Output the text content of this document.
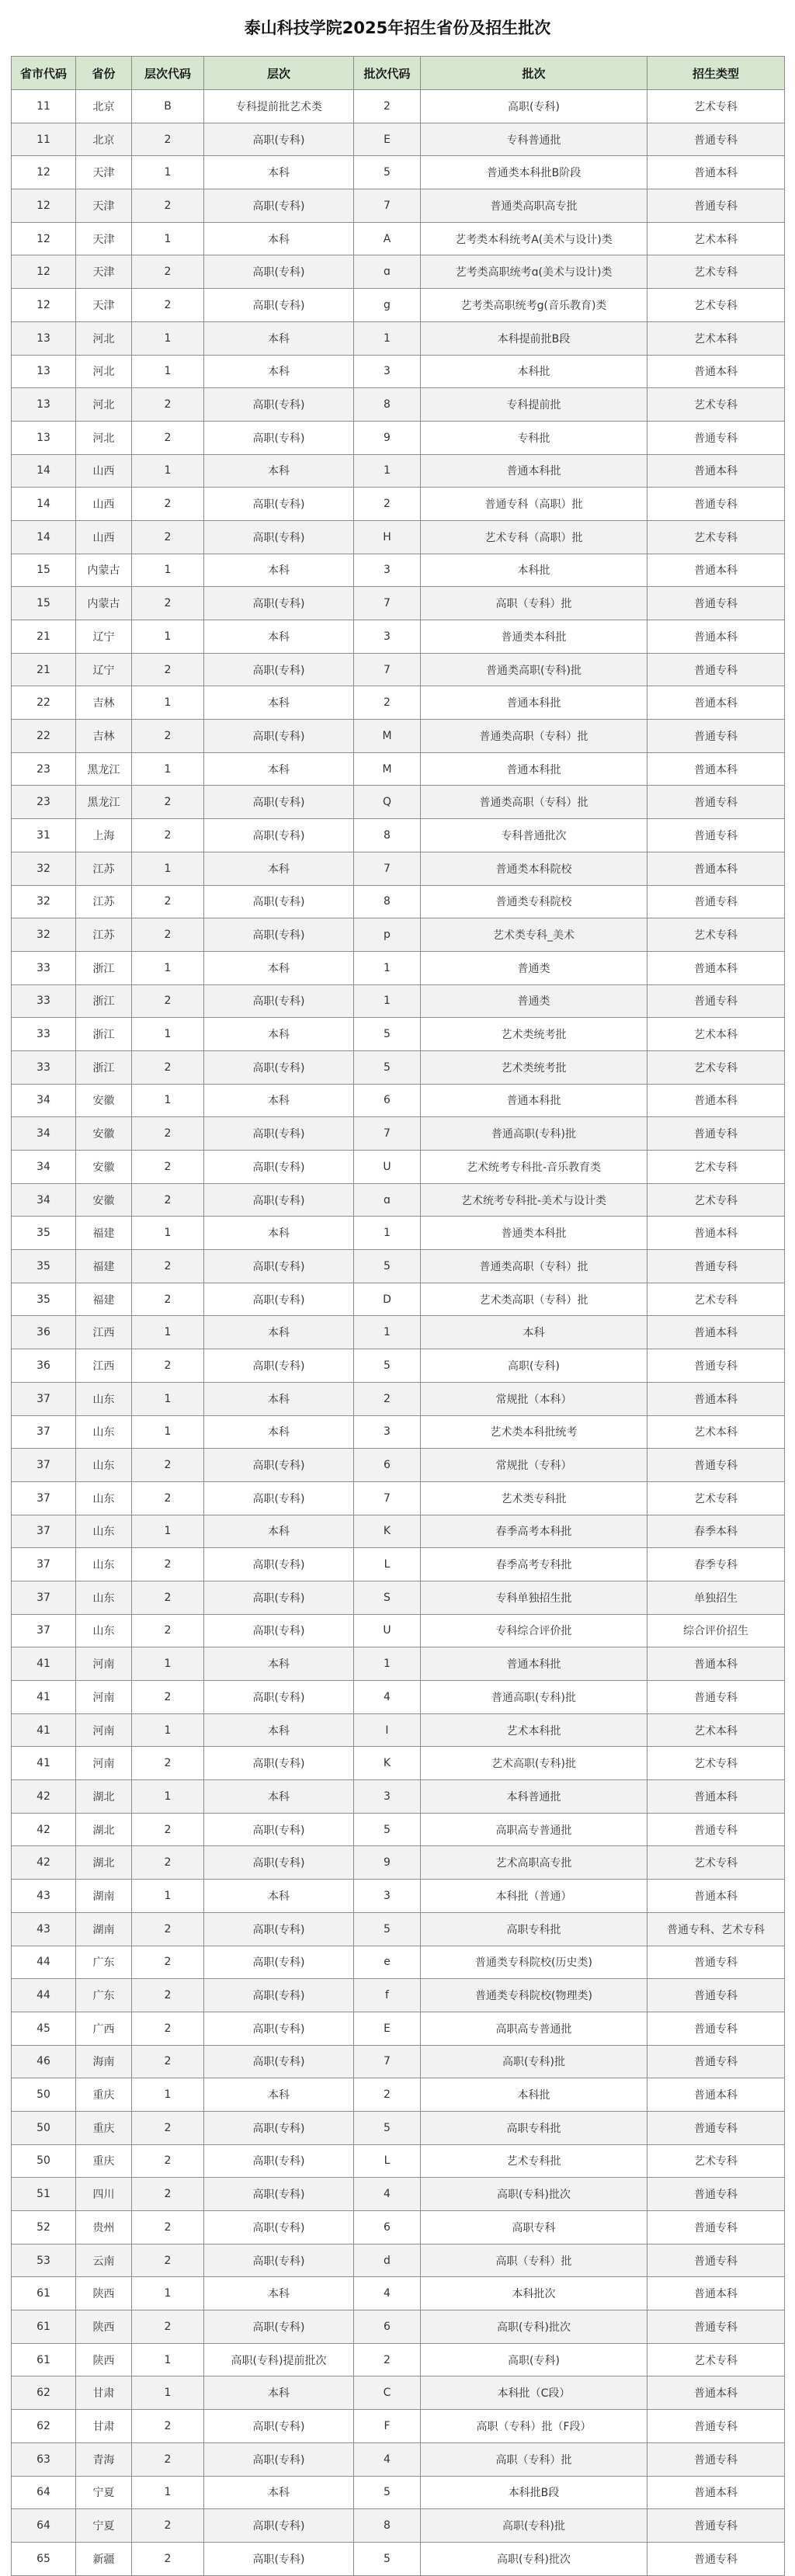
泰山科技学院2025年招生省份及招生批次
省市代码	省份	层次代码	层次	批次代码	批次	招生类型
11	北京	B	专科提前批艺术类	2	高职(专科)	艺术专科
11	北京	2	高职(专科)	E	专科普通批	普通专科
12	天津	1	本科	5	普通类本科批B阶段	普通本科
12	天津	2	高职(专科)	7	普通类高职高专批	普通专科
12	天津	1	本科	A	艺考类本科统考A(美术与设计)类	艺术本科
12	天津	2	高职(专科)	ɑ	艺考类高职统考ɑ(美术与设计)类	艺术专科
12	天津	2	高职(专科)	g	艺考类高职统考g(音乐教育)类	艺术专科
13	河北	1	本科	1	本科提前批B段	艺术本科
13	河北	1	本科	3	本科批	普通本科
13	河北	2	高职(专科)	8	专科提前批	艺术专科
13	河北	2	高职(专科)	9	专科批	普通专科
14	山西	1	本科	1	普通本科批	普通本科
14	山西	2	高职(专科)	2	普通专科（高职）批	普通专科
14	山西	2	高职(专科)	H	艺术专科（高职）批	艺术专科
15	内蒙古	1	本科	3	本科批	普通本科
15	内蒙古	2	高职(专科)	7	高职（专科）批	普通专科
21	辽宁	1	本科	3	普通类本科批	普通本科
21	辽宁	2	高职(专科)	7	普通类高职(专科)批	普通专科
22	吉林	1	本科	2	普通本科批	普通本科
22	吉林	2	高职(专科)	M	普通类高职（专科）批	普通专科
23	黑龙江	1	本科	M	普通本科批	普通本科
23	黑龙江	2	高职(专科)	Q	普通类高职（专科）批	普通专科
31	上海	2	高职(专科)	8	专科普通批次	普通专科
32	江苏	1	本科	7	普通类本科院校	普通本科
32	江苏	2	高职(专科)	8	普通类专科院校	普通专科
32	江苏	2	高职(专科)	p	艺术类专科_美术	艺术专科
33	浙江	1	本科	1	普通类	普通本科
33	浙江	2	高职(专科)	1	普通类	普通专科
33	浙江	1	本科	5	艺术类统考批	艺术本科
33	浙江	2	高职(专科)	5	艺术类统考批	艺术专科
34	安徽	1	本科	6	普通本科批	普通本科
34	安徽	2	高职(专科)	7	普通高职(专科)批	普通专科
34	安徽	2	高职(专科)	U	艺术统考专科批-音乐教育类	艺术专科
34	安徽	2	高职(专科)	ɑ	艺术统考专科批-美术与设计类	艺术专科
35	福建	1	本科	1	普通类本科批	普通本科
35	福建	2	高职(专科)	5	普通类高职（专科）批	普通专科
35	福建	2	高职(专科)	D	艺术类高职（专科）批	艺术专科
36	江西	1	本科	1	本科	普通本科
36	江西	2	高职(专科)	5	高职(专科)	普通专科
37	山东	1	本科	2	常规批（本科）	普通本科
37	山东	1	本科	3	艺术类本科批统考	艺术本科
37	山东	2	高职(专科)	6	常规批（专科）	普通专科
37	山东	2	高职(专科)	7	艺术类专科批	艺术专科
37	山东	1	本科	K	春季高考本科批	春季本科
37	山东	2	高职(专科)	L	春季高考专科批	春季专科
37	山东	2	高职(专科)	S	专科单独招生批	单独招生
37	山东	2	高职(专科)	U	专科综合评价批	综合评价招生
41	河南	1	本科	1	普通本科批	普通本科
41	河南	2	高职(专科)	4	普通高职(专科)批	普通专科
41	河南	1	本科	I	艺术本科批	艺术本科
41	河南	2	高职(专科)	K	艺术高职(专科)批	艺术专科
42	湖北	1	本科	3	本科普通批	普通本科
42	湖北	2	高职(专科)	5	高职高专普通批	普通专科
42	湖北	2	高职(专科)	9	艺术高职高专批	艺术专科
43	湖南	1	本科	3	本科批（普通）	普通本科
43	湖南	2	高职(专科)	5	高职专科批	普通专科、艺术专科
44	广东	2	高职(专科)	e	普通类专科院校(历史类)	普通专科
44	广东	2	高职(专科)	f	普通类专科院校(物理类)	普通专科
45	广西	2	高职(专科)	E	高职高专普通批	普通专科
46	海南	2	高职(专科)	7	高职(专科)批	普通专科
50	重庆	1	本科	2	本科批	普通本科
50	重庆	2	高职(专科)	5	高职专科批	普通专科
50	重庆	2	高职(专科)	L	艺术专科批	艺术专科
51	四川	2	高职(专科)	4	高职(专科)批次	普通专科
52	贵州	2	高职(专科)	6	高职专科	普通专科
53	云南	2	高职(专科)	d	高职（专科）批	普通专科
61	陕西	1	本科	4	本科批次	普通本科
61	陕西	2	高职(专科)	6	高职(专科)批次	普通专科
61	陕西	1	高职(专科)提前批次	2	高职(专科)	艺术专科
62	甘肃	1	本科	C	本科批（C段）	普通本科
62	甘肃	2	高职(专科)	F	高职（专科）批（F段）	普通专科
63	青海	2	高职(专科)	4	高职（专科）批	普通专科
64	宁夏	1	本科	5	本科批B段	普通本科
64	宁夏	2	高职(专科)	8	高职(专科)批	普通专科
65	新疆	2	高职(专科)	5	高职(专科)批次	普通专科
